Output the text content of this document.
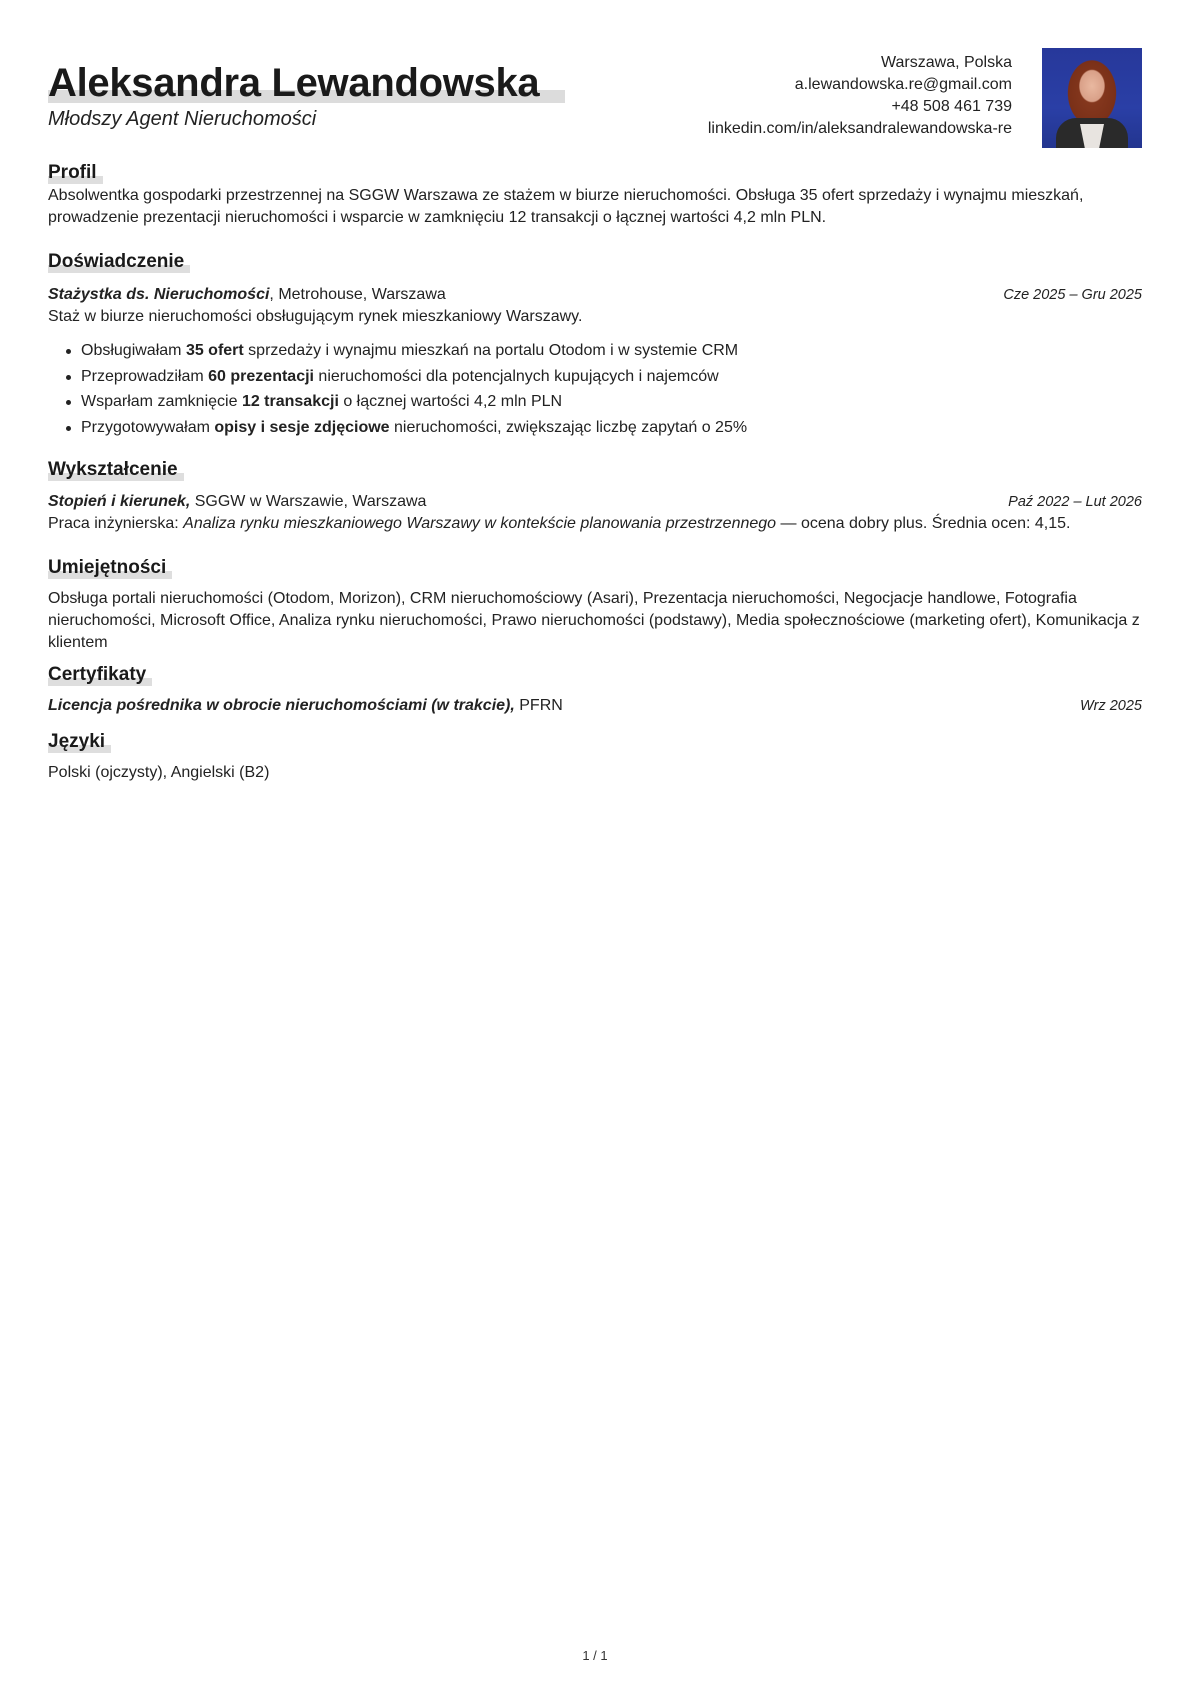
Aleksandra Lewandowska
Młodszy Agent Nieruchomości
Warszawa, Polska
a.lewandowska.re@gmail.com
+48 508 461 739
linkedin.com/in/aleksandralewandowska-re
Profil
Absolwentka gospodarki przestrzennej na SGGW Warszawa ze stażem w biurze nieruchomości. Obsługa 35 ofert sprzedaży i wynajmu mieszkań, prowadzenie prezentacji nieruchomości i wsparcie w zamknięciu 12 transakcji o łącznej wartości 4,2 mln PLN.
Doświadczenie
Stażystka ds. Nieruchomości, Metrohouse, Warszawa	Cze 2025 – Gru 2025
Staż w biurze nieruchomości obsługującym rynek mieszkaniowy Warszawy.
Obsługiwałam 35 ofert sprzedaży i wynajmu mieszkań na portalu Otodom i w systemie CRM
Przeprowadziłam 60 prezentacji nieruchomości dla potencjalnych kupujących i najemców
Wsparłam zamknięcie 12 transakcji o łącznej wartości 4,2 mln PLN
Przygotowywałam opisy i sesje zdjęciowe nieruchomości, zwiększając liczbę zapytań o 25%
Wykształcenie
Stopień i kierunek, SGGW w Warszawie, Warszawa	Paź 2022 – Lut 2026
Praca inżynierska: Analiza rynku mieszkaniowego Warszawy w kontekście planowania przestrzennego — ocena dobry plus. Średnia ocen: 4,15.
Umiejętności
Obsługa portali nieruchomości (Otodom, Morizon), CRM nieruchomościowy (Asari), Prezentacja nieruchomości, Negocjacje handlowe, Fotografia nieruchomości, Microsoft Office, Analiza rynku nieruchomości, Prawo nieruchomości (podstawy), Media społecznościowe (marketing ofert), Komunikacja z klientem
Certyfikaty
Licencja pośrednika w obrocie nieruchomościami (w trakcie), PFRN	Wrz 2025
Języki
Polski (ojczysty), Angielski (B2)
1 / 1
